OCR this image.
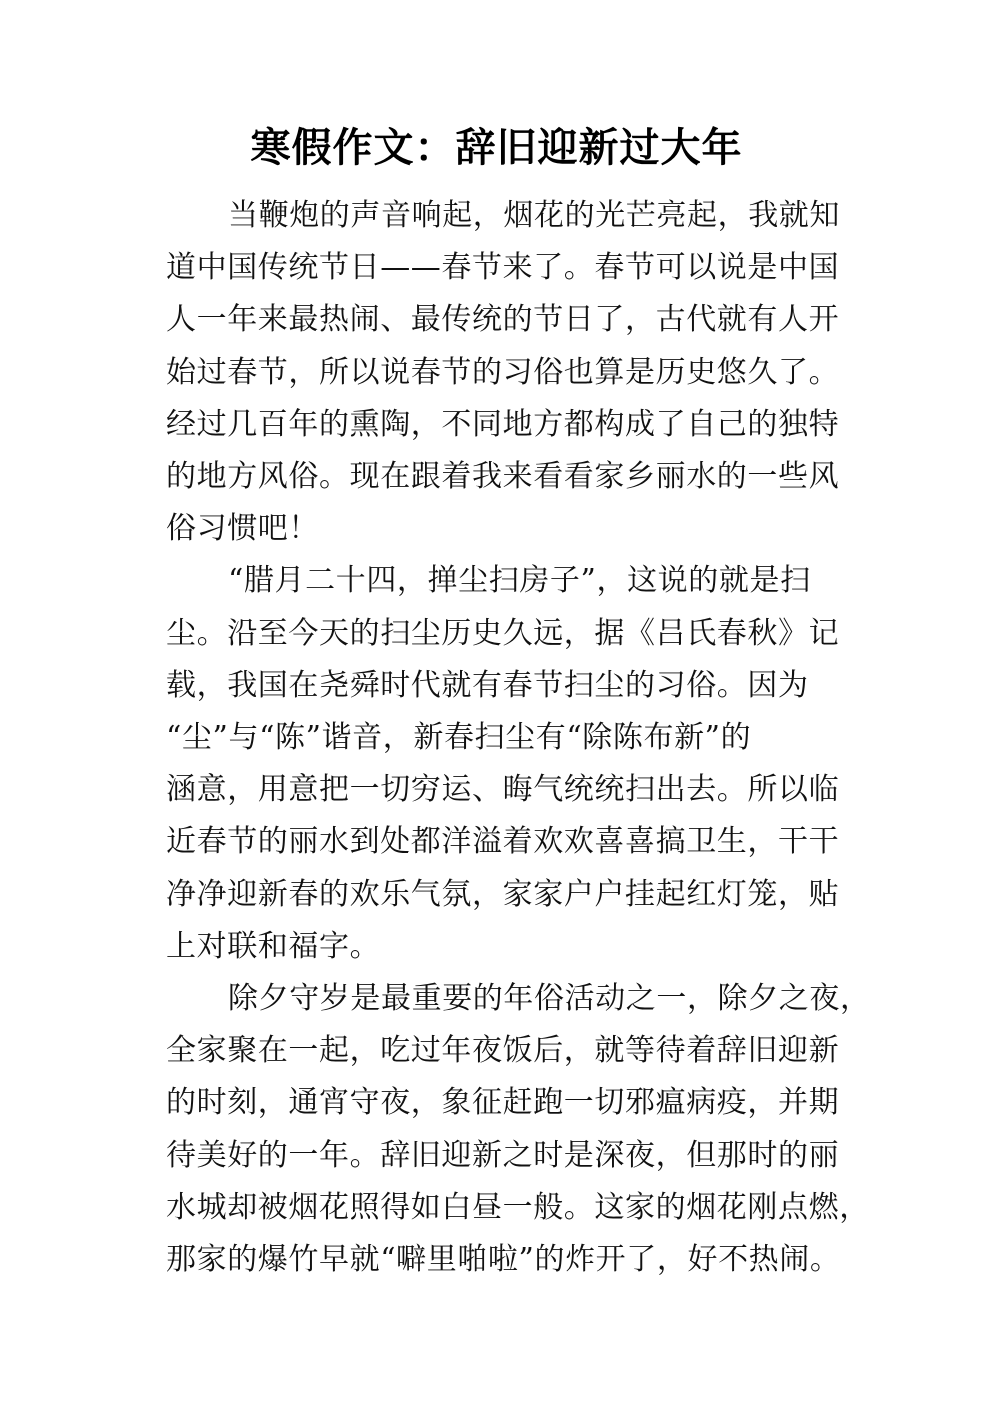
寒假作文：辞旧迎新过大年

当鞭炮的声音响起，烟花的光芒亮起，我就知
道中国传统节日——春节来了。春节可以说是中国
人一年来最热闹、最传统的节日了，古代就有人开
始过春节，所以说春节的习俗也算是历史悠久了。
经过几百年的熏陶，不同地方都构成了自己的独特
的地方风俗。现在跟着我来看看家乡丽水的一些风
俗习惯吧！

“腊月二十四，掸尘扫房子”，这说的就是扫
尘。沿至今天的扫尘历史久远，据《吕氏春秋》记
载，我国在尧舜时代就有春节扫尘的习俗。因为
“尘”与“陈”谐音，新春扫尘有“除陈布新”的
涵意，用意把一切穷运、晦气统统扫出去。所以临
近春节的丽水到处都洋溢着欢欢喜喜搞卫生，干干
净净迎新春的欢乐气氛，家家户户挂起红灯笼，贴
上对联和福字。

除夕守岁是最重要的年俗活动之一，除夕之夜，
全家聚在一起，吃过年夜饭后，就等待着辞旧迎新
的时刻，通宵守夜，象征赶跑一切邪瘟病疫，并期
待美好的一年。辞旧迎新之时是深夜，但那时的丽
水城却被烟花照得如白昼一般。这家的烟花刚点燃，
那家的爆竹早就“噼里啪啦”的炸开了，好不热闹。
